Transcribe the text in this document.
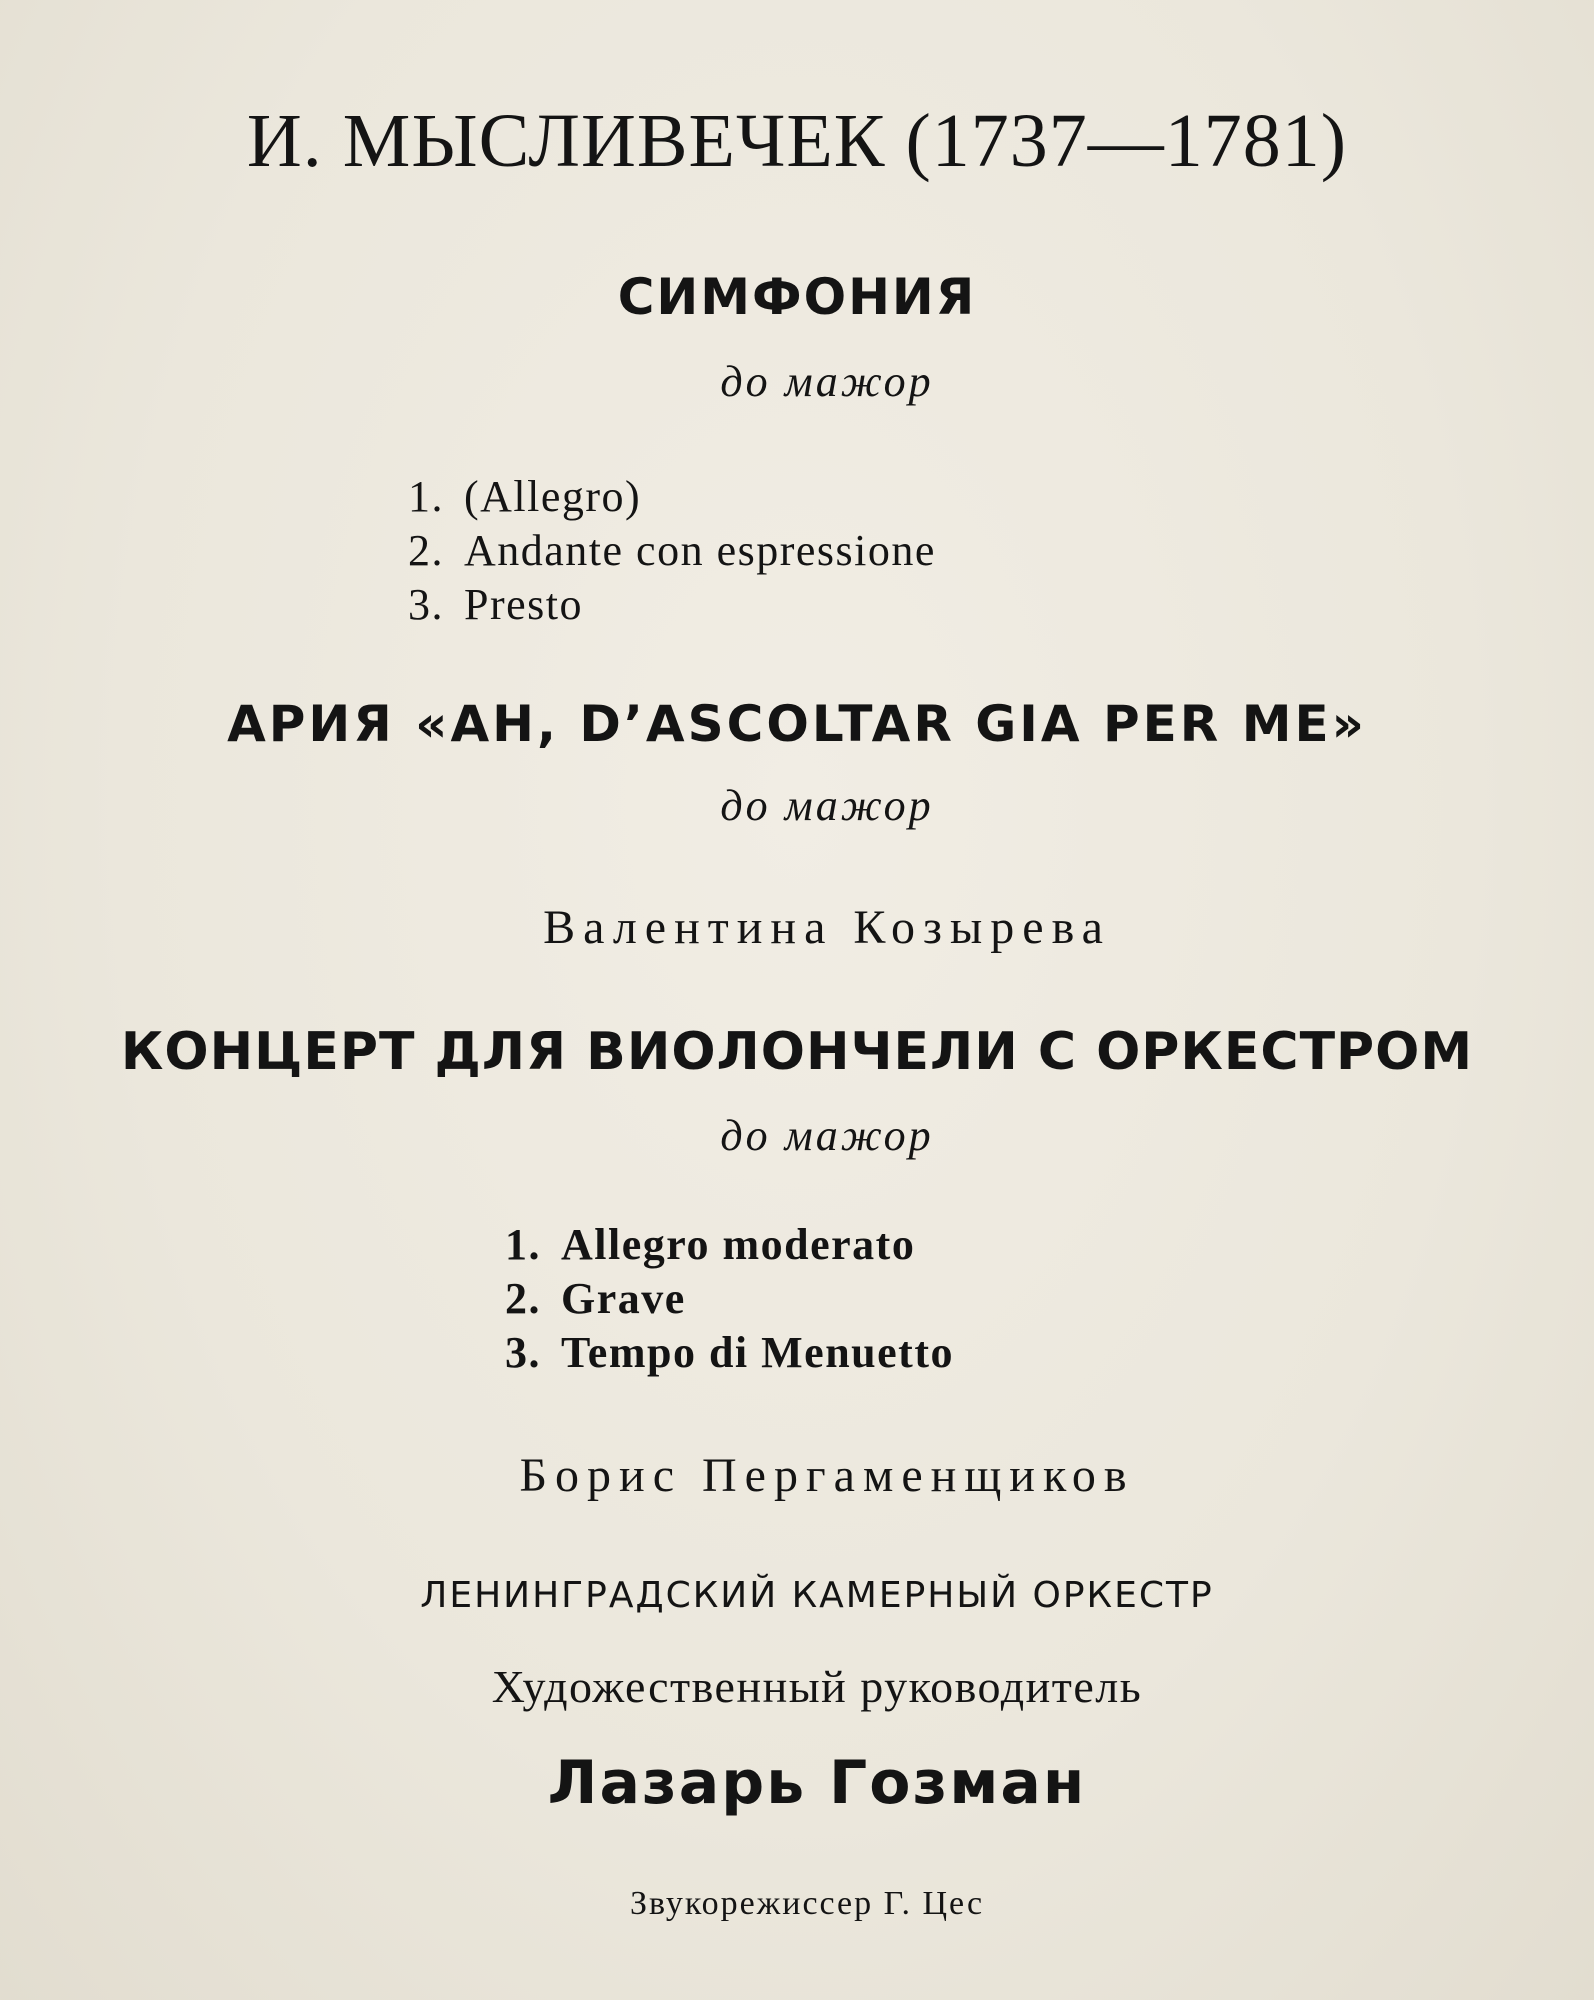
И. МЫСЛИВЕЧЕК (1737—1781)
СИМФОНИЯ
до мажор
1. (Allegro)
2. Andante con espressione
3. Presto
АРИЯ «AH, D’ASCOLTAR GIA PER ME»
до мажор
Валентина Козырева
КОНЦЕРТ ДЛЯ ВИОЛОНЧЕЛИ С ОРКЕСТРОМ
до мажор
1. Allegro moderato
2. Grave
3. Tempo di Menuetto
Борис Пергаменщиков
ЛЕНИНГРАДСКИЙ КАМЕРНЫЙ ОРКЕСТР
Художественный руководитель
Лазарь Гозман
Звукорежиссер Г. Цес
